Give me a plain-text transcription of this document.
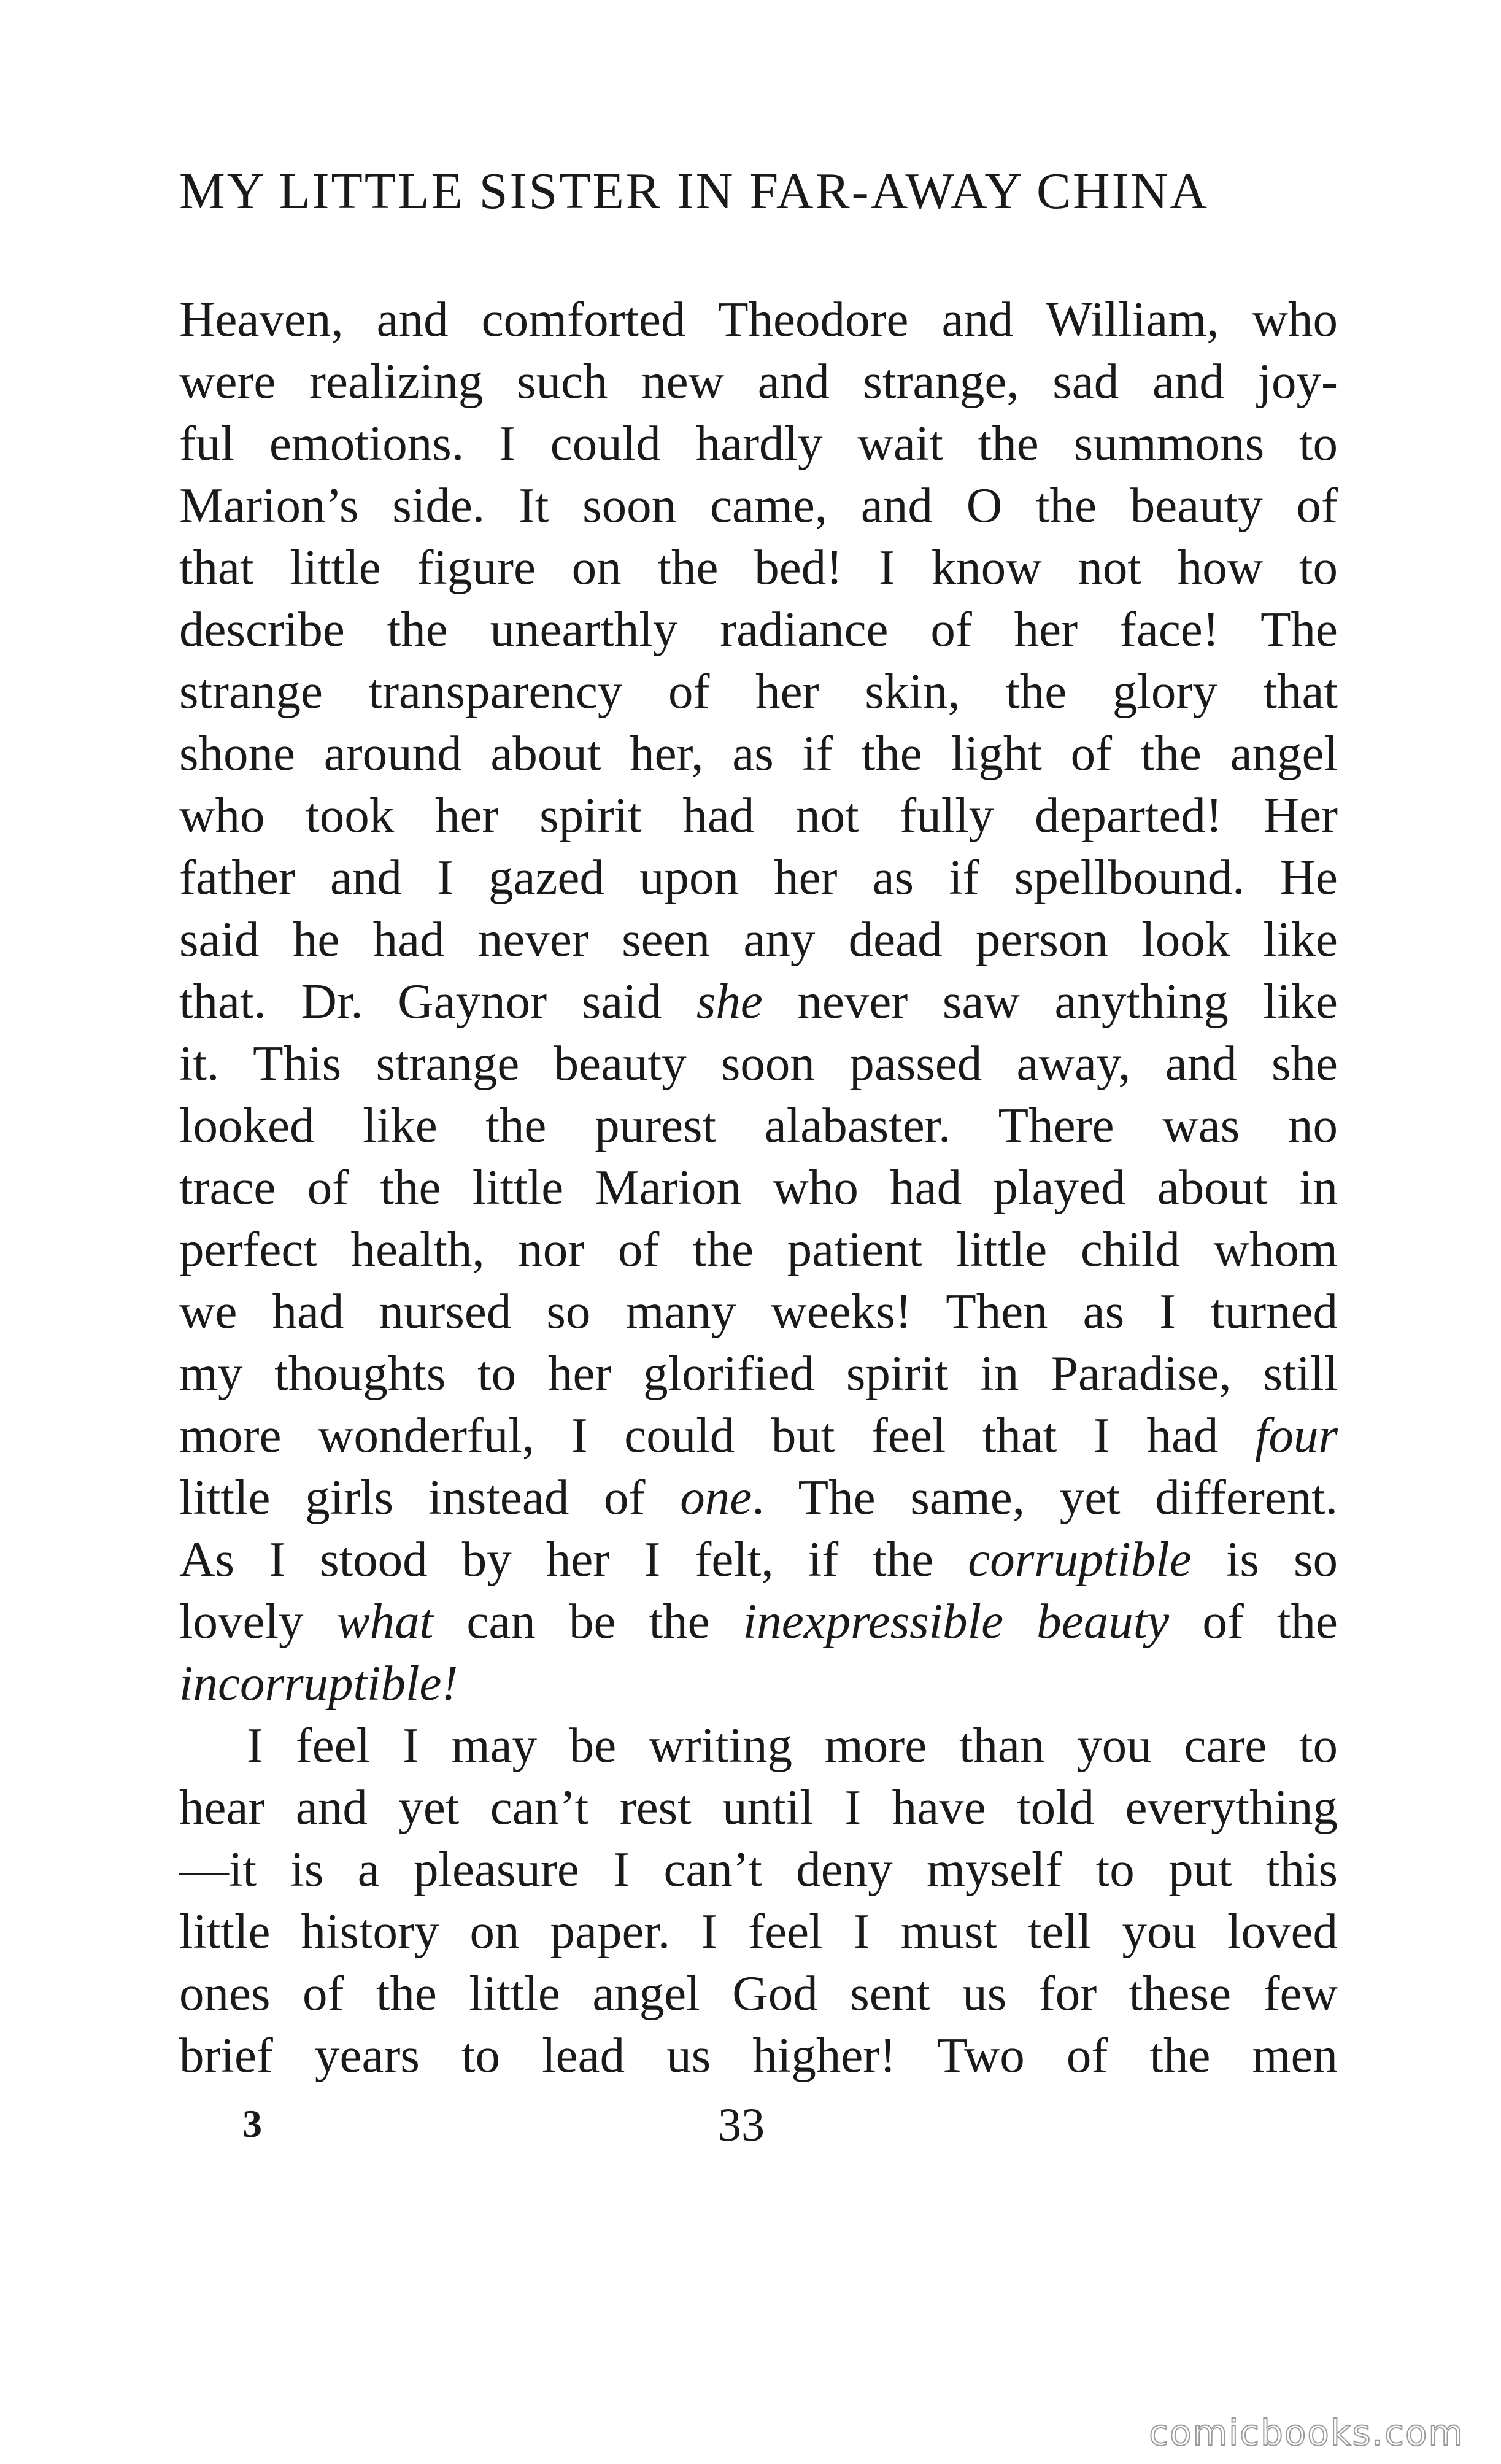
MY LITTLE SISTER IN FAR-AWAY CHINA
Heaven, and comforted Theodore and William, who
were realizing such new and strange, sad and joy-
ful emotions. I could hardly wait the summons to
Marion’s side. It soon came, and O the beauty of
that little figure on the bed! I know not how to
describe the unearthly radiance of her face! The
strange transparency of her skin, the glory that
shone around about her, as if the light of the angel
who took her spirit had not fully departed! Her
father and I gazed upon her as if spellbound. He
said he had never seen any dead person look like
that. Dr. Gaynor said she never saw anything like
it. This strange beauty soon passed away, and she
looked like the purest alabaster. There was no
trace of the little Marion who had played about in
perfect health, nor of the patient little child whom
we had nursed so many weeks! Then as I turned
my thoughts to her glorified spirit in Paradise, still
more wonderful, I could but feel that I had four
little girls instead of one. The same, yet different.
As I stood by her I felt, if the corruptible is so
lovely what can be the inexpressible beauty of the
incorruptible!
I feel I may be writing more than you care to
hear and yet can’t rest until I have told everything
—it is a pleasure I can’t deny myself to put this
little history on paper. I feel I must tell you loved
ones of the little angel God sent us for these few
brief years to lead us higher! Two of the men
3	33
comicbooks.com
